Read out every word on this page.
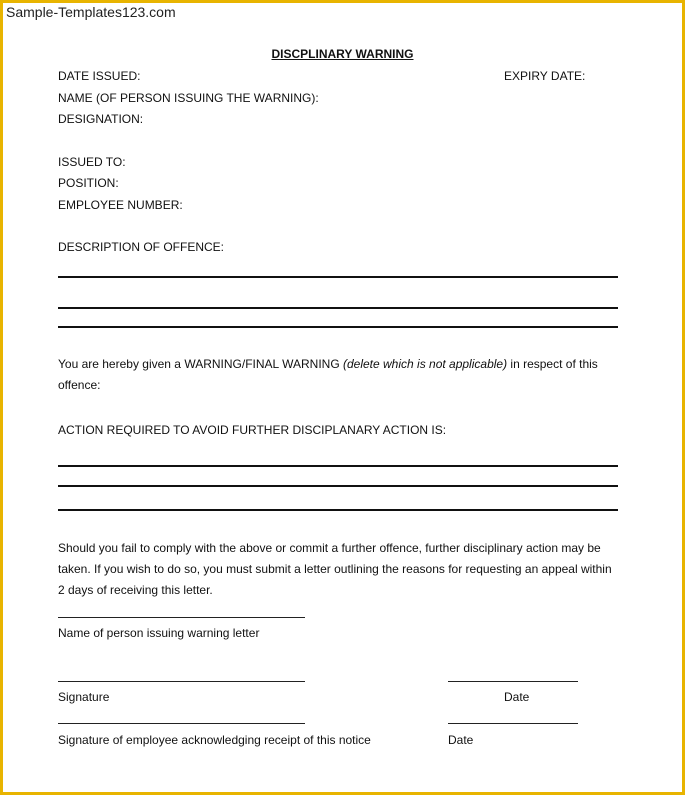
Sample-Templates123.com
DISCPLINARY WARNING
DATE ISSUED:	EXPIRY DATE:
NAME (OF PERSON ISSUING THE WARNING):
DESIGNATION:
ISSUED TO:
POSITION:
EMPLOYEE NUMBER:
DESCRIPTION OF OFFENCE:
You are hereby given a WARNING/FINAL WARNING (delete which is not applicable) in respect of this offence:
ACTION REQUIRED TO AVOID FURTHER DISCIPLANARY ACTION IS:
Should you fail to comply with the above or commit a further offence, further disciplinary action may be taken. If you wish to do so, you must submit a letter outlining the reasons for requesting an appeal within 2 days of receiving this letter.
Name of person issuing warning letter
Signature	Date
Signature of employee acknowledging receipt of this notice	Date
